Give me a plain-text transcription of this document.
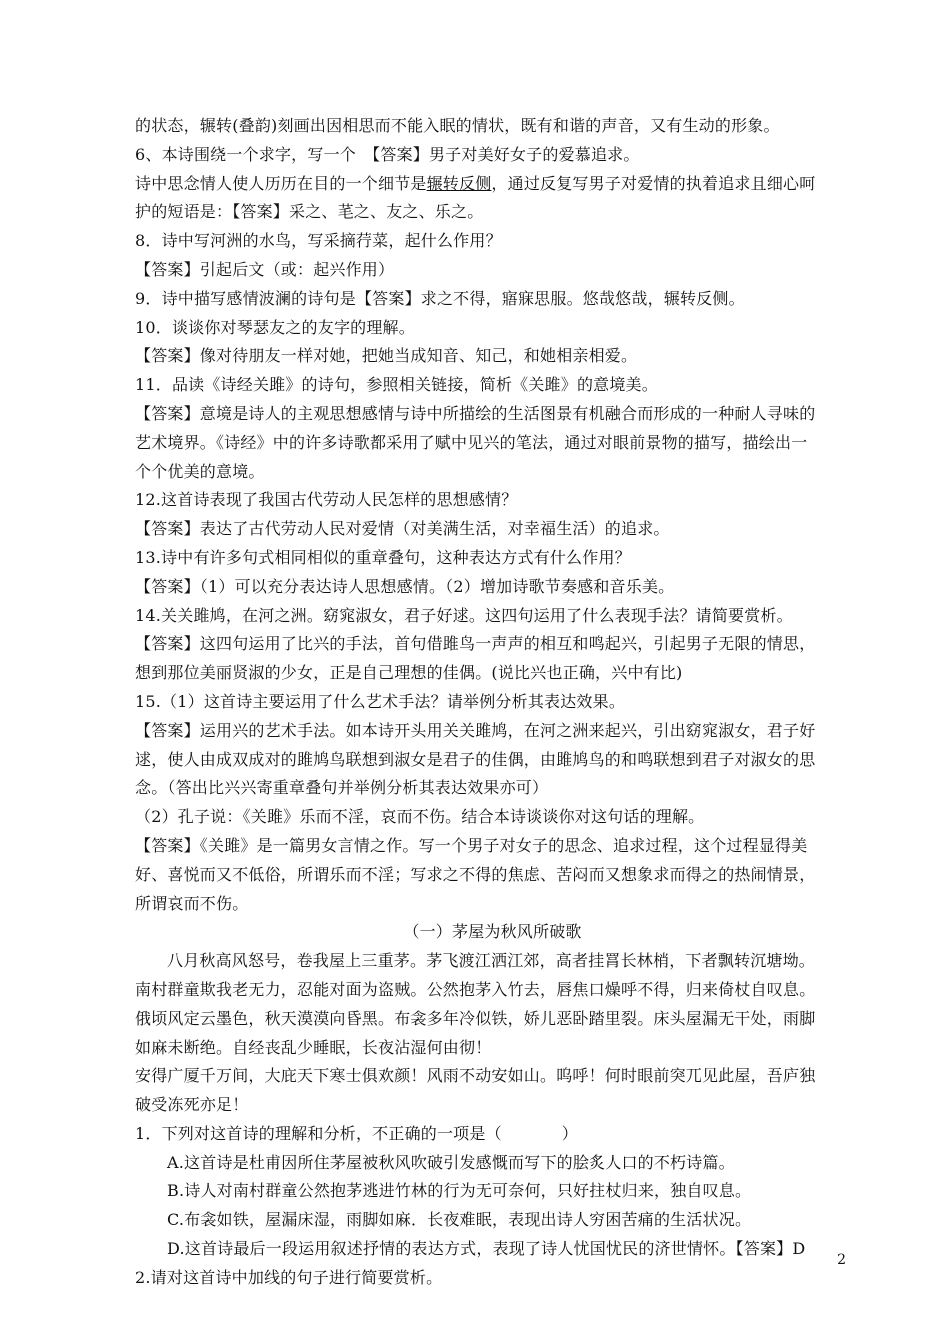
的状态，辗转(叠韵)刻画出因相思而不能入眠的情状，既有和谐的声音，又有生动的形象。
6、本诗围绕一个求字，写一个　【答案】男子对美好女子的爱慕追求。
诗中思念情人使人历历在目的一个细节是辗转反侧，通过反复写男子对爱情的执着追求且细心呵
护的短语是：【答案】采之、芼之、友之、乐之。
8．诗中写河洲的水鸟，写采摘荇菜，起什么作用？
【答案】引起后文（或：起兴作用）
9．诗中描写感情波澜的诗句是【答案】求之不得，寤寐思服。悠哉悠哉，辗转反侧。
10．谈谈你对琴瑟友之的友字的理解。
【答案】像对待朋友一样对她，把她当成知音、知己，和她相亲相爱。
11．品读《诗经关雎》的诗句，参照相关链接，简析《关雎》的意境美。
【答案】意境是诗人的主观思想感情与诗中所描绘的生活图景有机融合而形成的一种耐人寻味的
艺术境界。《诗经》中的许多诗歌都采用了赋中见兴的笔法，通过对眼前景物的描写，描绘出一
个个优美的意境。
12.这首诗表现了我国古代劳动人民怎样的思想感情？
【答案】表达了古代劳动人民对爱情（对美满生活，对幸福生活）的追求。
13.诗中有许多句式相同相似的重章叠句，这种表达方式有什么作用？
【答案】（1）可以充分表达诗人思想感情。（2）增加诗歌节奏感和音乐美。
14.关关雎鸠，在河之洲。窈窕淑女，君子好逑。这四句运用了什么表现手法？请简要赏析。
【答案】这四句运用了比兴的手法，首句借雎鸟一声声的相互和鸣起兴，引起男子无限的情思，
想到那位美丽贤淑的少女，正是自己理想的佳偶。(说比兴也正确，兴中有比)
15.（1）这首诗主要运用了什么艺术手法？请举例分析其表达效果。
【答案】运用兴的艺术手法。如本诗开头用关关雎鸠，在河之洲来起兴，引出窈窕淑女，君子好
逑，使人由成双成对的雎鸠鸟联想到淑女是君子的佳偶，由雎鸠鸟的和鸣联想到君子对淑女的思
念。（答出比兴兴寄重章叠句并举例分析其表达效果亦可）
（2）孔子说：《关雎》乐而不淫，哀而不伤。结合本诗谈谈你对这句话的理解。
【答案】《关雎》是一篇男女言情之作。写一个男子对女子的思念、追求过程，这个过程显得美
好、喜悦而又不低俗，所谓乐而不淫；写求之不得的焦虑、苦闷而又想象求而得之的热闹情景，
所谓哀而不伤。
（一）茅屋为秋风所破歌
八月秋高风怒号，卷我屋上三重茅。茅飞渡江洒江郊，高者挂罥长林梢，下者飘转沉塘坳。
南村群童欺我老无力，忍能对面为盗贼。公然抱茅入竹去，唇焦口燥呼不得，归来倚杖自叹息。
俄顷风定云墨色，秋天漠漠向昏黑。布衾多年冷似铁，娇儿恶卧踏里裂。床头屋漏无干处，雨脚
如麻未断绝。自经丧乱少睡眠，长夜沾湿何由彻！
安得广厦千万间，大庇天下寒士俱欢颜！风雨不动安如山。呜呼！何时眼前突兀见此屋，吾庐独
破受冻死亦足！
1．下列对这首诗的理解和分析，不正确的一项是（	）
A.这首诗是杜甫因所住茅屋被秋风吹破引发感慨而写下的脍炙人口的不朽诗篇。
B.诗人对南村群童公然抱茅逃进竹林的行为无可奈何，只好拄杖归来，独自叹息。
C.布衾如铁，屋漏床湿，雨脚如麻．长夜难眠，表现出诗人穷困苦痛的生活状况。
D.这首诗最后一段运用叙述抒情的表达方式，表现了诗人忧国忧民的济世情怀。【答案】D
2.请对这首诗中加线的句子进行简要赏析。
2
